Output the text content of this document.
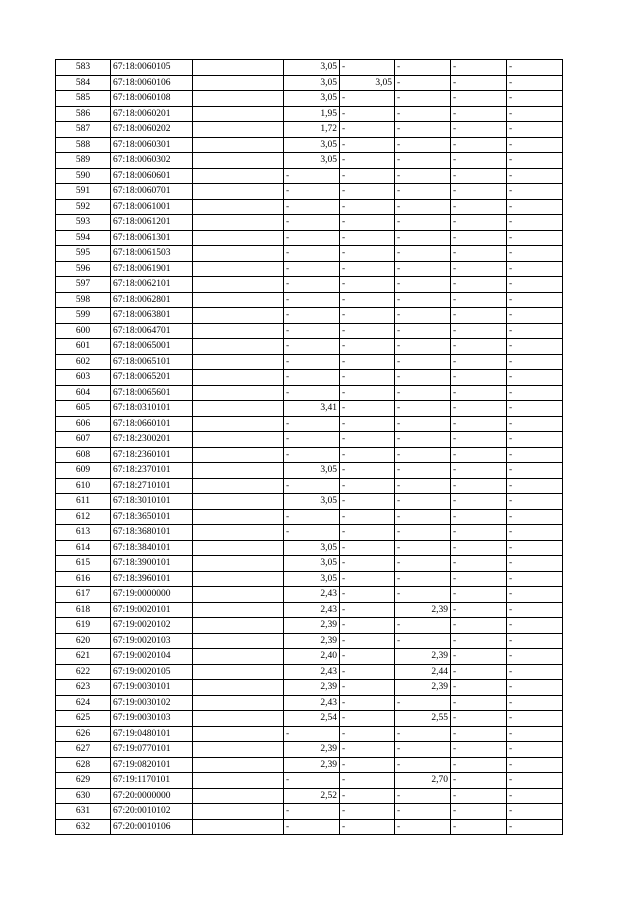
583	67:18:0060105		3,05	-	-	-	-
584	67:18:0060106		3,05	3,05	-	-	-
585	67:18:0060108		3,05	-	-	-	-
586	67:18:0060201		1,95	-	-	-	-
587	67:18:0060202		1,72	-	-	-	-
588	67:18:0060301		3,05	-	-	-	-
589	67:18:0060302		3,05	-	-	-	-
590	67:18:0060601		-	-	-	-	-
591	67:18:0060701		-	-	-	-	-
592	67:18:0061001		-	-	-	-	-
593	67:18:0061201		-	-	-	-	-
594	67:18:0061301		-	-	-	-	-
595	67:18:0061503		-	-	-	-	-
596	67:18:0061901		-	-	-	-	-
597	67:18:0062101		-	-	-	-	-
598	67:18:0062801		-	-	-	-	-
599	67:18:0063801		-	-	-	-	-
600	67:18:0064701		-	-	-	-	-
601	67:18:0065001		-	-	-	-	-
602	67:18:0065101		-	-	-	-	-
603	67:18:0065201		-	-	-	-	-
604	67:18:0065601		-	-	-	-	-
605	67:18:0310101		3,41	-	-	-	-
606	67:18:0660101		-	-	-	-	-
607	67:18:2300201		-	-	-	-	-
608	67:18:2360101		-	-	-	-	-
609	67:18:2370101		3,05	-	-	-	-
610	67:18:2710101		-	-	-	-	-
611	67:18:3010101		3,05	-	-	-	-
612	67:18:3650101		-	-	-	-	-
613	67:18:3680101		-	-	-	-	-
614	67:18:3840101		3,05	-	-	-	-
615	67:18:3900101		3,05	-	-	-	-
616	67:18:3960101		3,05	-	-	-	-
617	67:19:0000000		2,43	-	-	-	-
618	67:19:0020101		2,43	-	2,39	-	-
619	67:19:0020102		2,39	-	-	-	-
620	67:19:0020103		2,39	-	-	-	-
621	67:19:0020104		2,40	-	2,39	-	-
622	67:19:0020105		2,43	-	2,44	-	-
623	67:19:0030101		2,39	-	2,39	-	-
624	67:19:0030102		2,43	-	-	-	-
625	67:19:0030103		2,54	-	2,55	-	-
626	67:19:0480101		-	-	-	-	-
627	67:19:0770101		2,39	-	-	-	-
628	67:19:0820101		2,39	-	-	-	-
629	67:19:1170101		-	-	2,70	-	-
630	67:20:0000000		2,52	-	-	-	-
631	67:20:0010102		-	-	-	-	-
632	67:20:0010106		-	-	-	-	-
